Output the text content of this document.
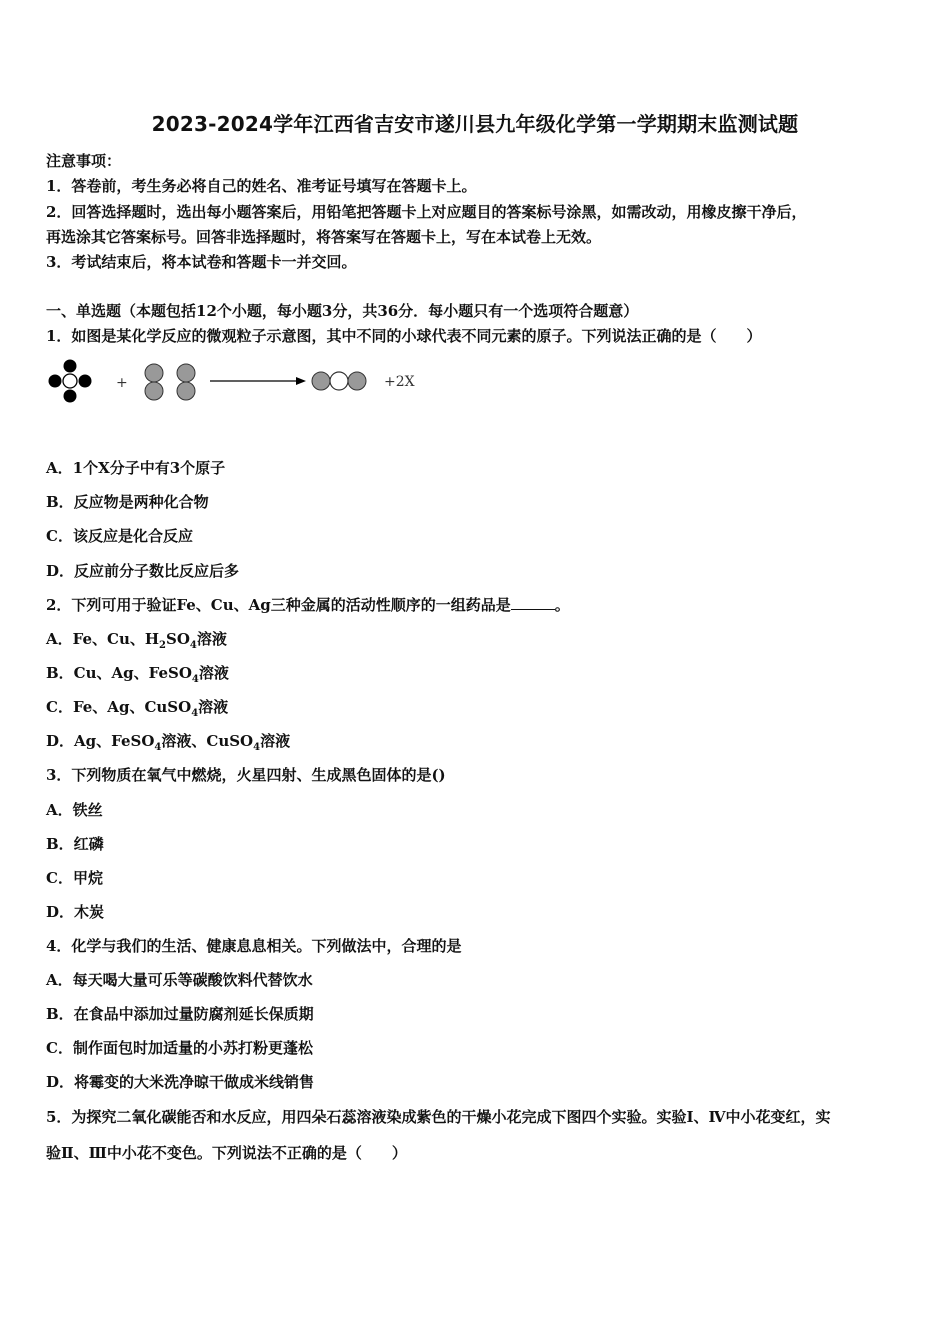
2023-2024学年江西省吉安市遂川县九年级化学第一学期期末监测试题
注意事项：
1．答卷前，考生务必将自己的姓名、准考证号填写在答题卡上。
2．回答选择题时，选出每小题答案后，用铅笔把答题卡上对应题目的答案标号涂黑，如需改动，用橡皮擦干净后，
再选涂其它答案标号。回答非选择题时，将答案写在答题卡上，写在本试卷上无效。
3．考试结束后，将本试卷和答题卡一并交回。
一、单选题（本题包括12个小题，每小题3分，共36分．每小题只有一个选项符合题意）
1．如图是某化学反应的微观粒子示意图，其中不同的小球代表不同元素的原子。下列说法正确的是（　　）
+	+2X
A．1个X分子中有3个原子
B．反应物是两种化合物
C．该反应是化合反应
D．反应前分子数比反应后多
2．下列可用于验证Fe、Cu、Ag三种金属的活动性顺序的一组药品是	。
A．Fe、Cu、$H_2SO_4$溶液
B．Cu、Ag、FeSO$_4$溶液
C．Fe、Ag、CuSO$_4$溶液
D．Ag、FeSO$_4$溶液、CuSO$_4$溶液
3．下列物质在氧气中燃烧，火星四射、生成黑色固体的是()
A．铁丝
B．红磷
C．甲烷
D．木炭
4．化学与我们的生活、健康息息相关。下列做法中，合理的是
A．每天喝大量可乐等碳酸饮料代替饮水
B．在食品中添加过量防腐剂延长保质期
C．制作面包时加适量的小苏打粉更蓬松
D．将霉变的大米洗净晾干做成米线销售
5．为探究二氧化碳能否和水反应，用四朵石蕊溶液染成紫色的干燥小花完成下图四个实验。实验Ⅰ、Ⅳ中小花变红，实
验Ⅱ、Ⅲ中小花不变色。下列说法不正确的是（　　）
